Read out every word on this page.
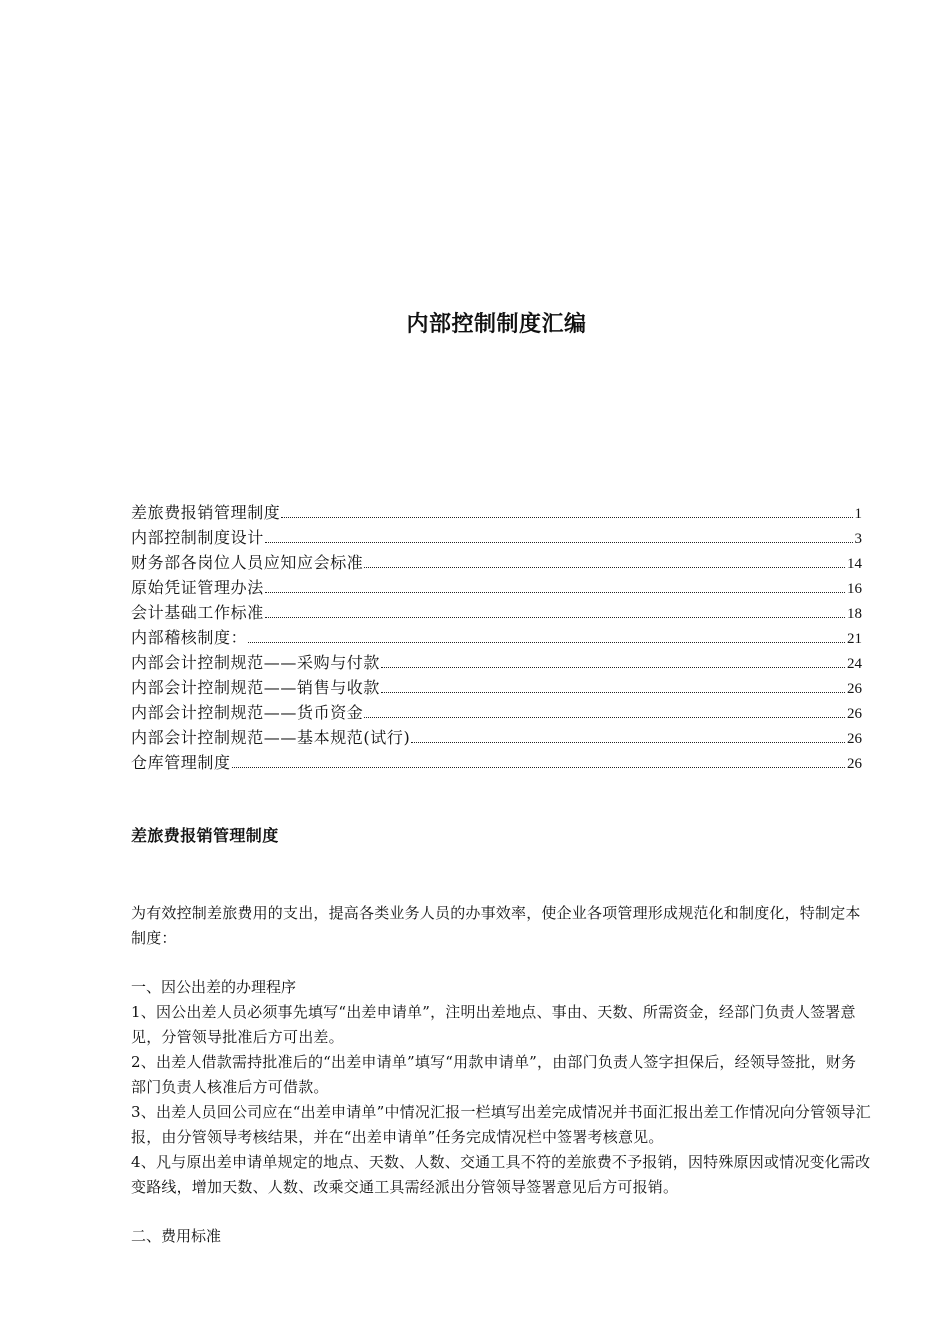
内部控制制度汇编
差旅费报销管理制度	1
内部控制制度设计	3
财务部各岗位人员应知应会标准	14
原始凭证管理办法	16
会计基础工作标准	18
内部稽核制度：	21
内部会计控制规范——采购与付款	24
内部会计控制规范——销售与收款	26
内部会计控制规范——货币资金	26
内部会计控制规范——基本规范(试行)	26
仓库管理制度	26
差旅费报销管理制度
为有效控制差旅费用的支出，提高各类业务人员的办事效率，使企业各项管理形成规范化和制度化，特制定本制度：
一、因公出差的办理程序

1、因公出差人员必须事先填写“出差申请单”，注明出差地点、事由、天数、所需资金，经部门负责人签署意见，分管领导批准后方可出差。

2、出差人借款需持批准后的“出差申请单”填写“用款申请单”，由部门负责人签字担保后，经领导签批，财务部门负责人核准后方可借款。

3、出差人员回公司应在“出差申请单”中情况汇报一栏填写出差完成情况并书面汇报出差工作情况向分管领导汇报，由分管领导考核结果，并在“出差申请单”任务完成情况栏中签署考核意见。

4、凡与原出差申请单规定的地点、天数、人数、交通工具不符的差旅费不予报销，因特殊原因或情况变化需改变路线，增加天数、人数、改乘交通工具需经派出分管领导签署意见后方可报销。

二、费用标准
